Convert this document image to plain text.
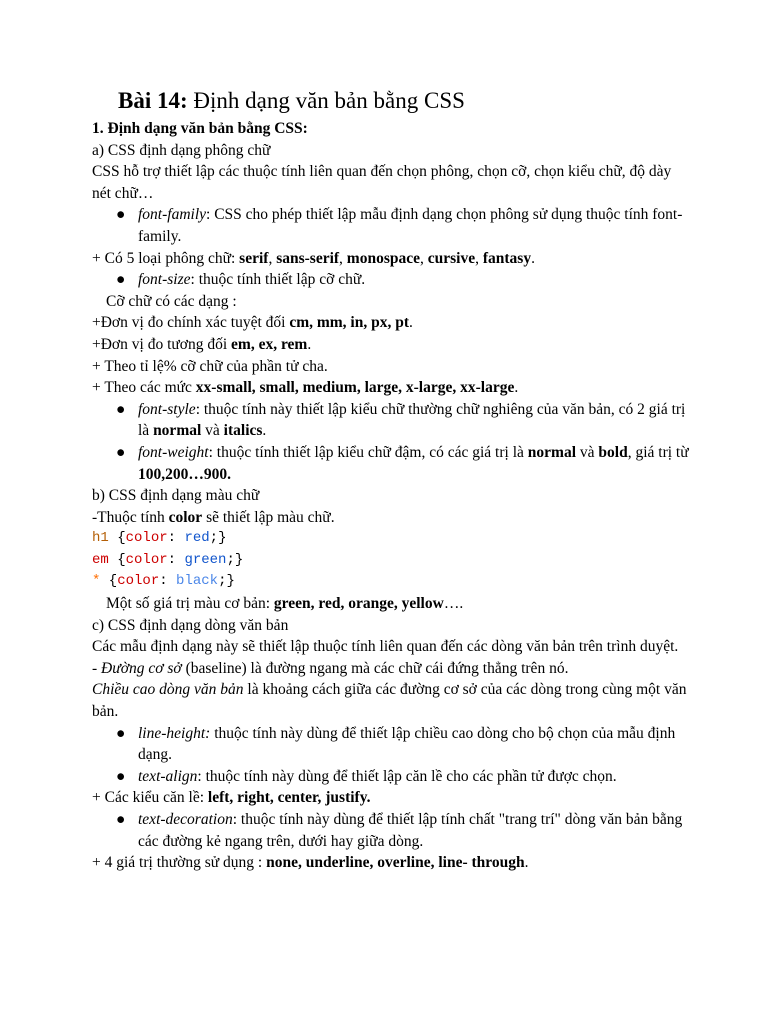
Bài 14: Định dạng văn bản bằng CSS

1. Định dạng văn bản bằng CSS:

a) CSS định dạng phông chữ

CSS hỗ trợ thiết lập các thuộc tính liên quan đến chọn phông, chọn cỡ, chọn kiểu chữ, độ dày nét chữ…

● font-family: CSS cho phép thiết lập mẫu định dạng chọn phông sử dụng thuộc tính font-family.

+ Có 5 loại phông chữ: serif, sans-serif, monospace, cursive, fantasy.

● font-size: thuộc tính thiết lập cỡ chữ.

Cỡ chữ có các dạng :

+Đơn vị đo chính xác tuyệt đối cm, mm, in, px, pt.

+Đơn vị đo tương đối em, ex, rem.

+ Theo tỉ lệ% cỡ chữ của phần tử cha.

+ Theo các mức xx-small, small, medium, large, x-large, xx-large.

● font-style: thuộc tính này thiết lập kiểu chữ thường chữ nghiêng của văn bản, có 2 giá trị là normal và italics.

● font-weight: thuộc tính thiết lập kiểu chữ đậm, có các giá trị là normal và bold, giá trị từ 100,200…900.

b) CSS định dạng màu chữ

-Thuộc tính color sẽ thiết lập màu chữ.

h1 {color: red;}

em {color: green;}

* {color: black;}

Một số giá trị màu cơ bản: green, red, orange, yellow….

c) CSS định dạng dòng văn bản

Các mẫu định dạng này sẽ thiết lập thuộc tính liên quan đến các dòng văn bản trên trình duyệt.

- Đường cơ sở (baseline) là đường ngang mà các chữ cái đứng thẳng trên nó.

Chiều cao dòng văn bản là khoảng cách giữa các đường cơ sở của các dòng trong cùng một văn bản.

● line-height: thuộc tính này dùng để thiết lập chiều cao dòng cho bộ chọn của mẫu định dạng.

● text-align: thuộc tính này dùng để thiết lập căn lề cho các phần tử được chọn.

+ Các kiểu căn lề: left, right, center, justify.

● text-decoration: thuộc tính này dùng để thiết lập tính chất "trang trí" dòng văn bản bằng các đường kẻ ngang trên, dưới hay giữa dòng.

+ 4 giá trị thường sử dụng : none, underline, overline, line- through.
